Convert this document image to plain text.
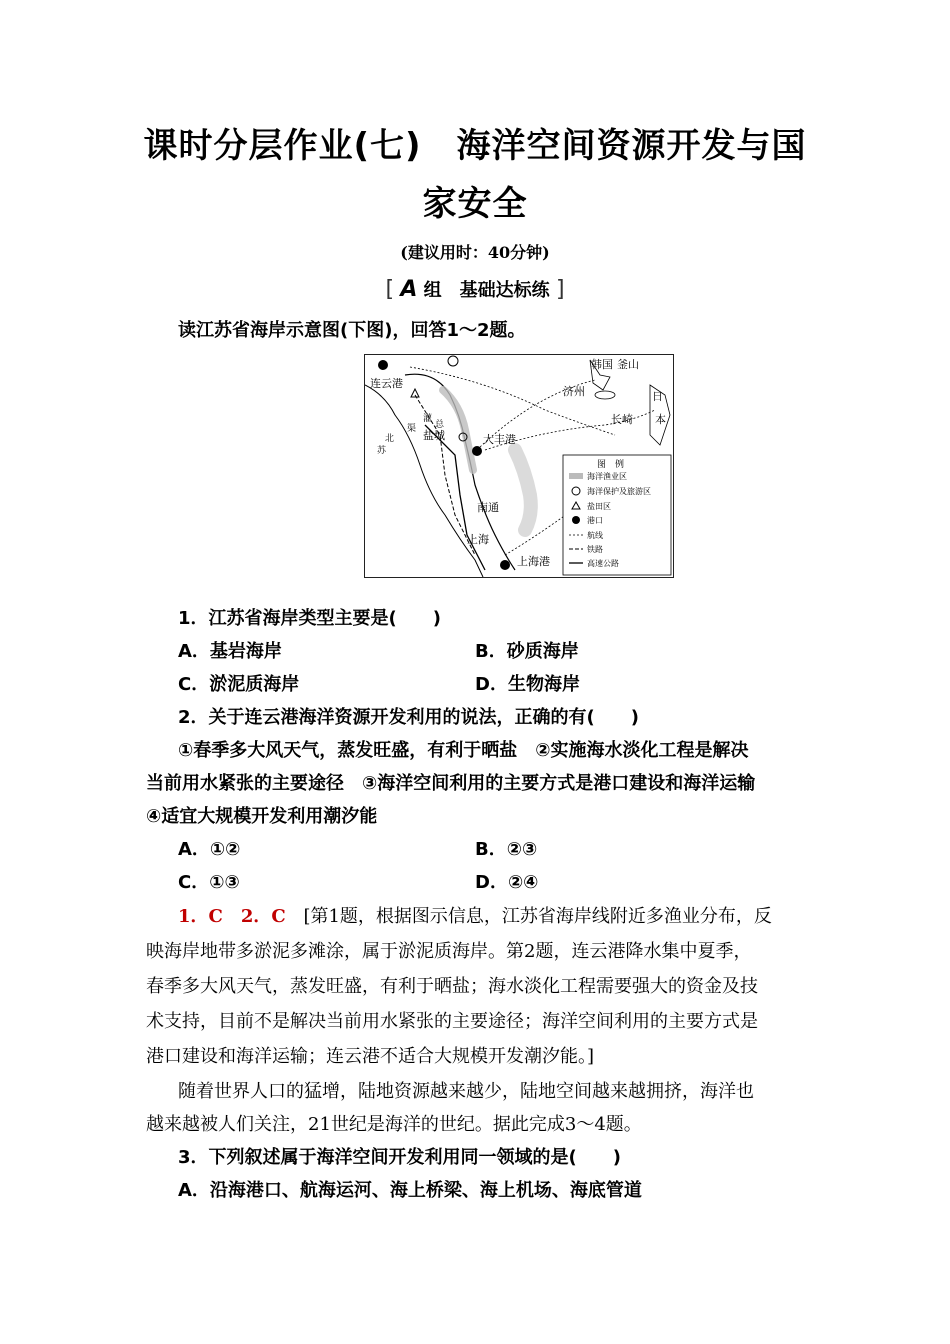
课时分层作业(七)　海洋空间资源开发与国
家安全
(建议用时：40分钟)
[ A 组　基础达标练 ]
读江苏省海岸示意图(下图)，回答1～2题。
连云港
韩国 釜山
济州	日
本
长崎
灌
总
渠 盐城
北
苏
大丰港
南通
上海
上海港
图　例
海洋渔业区
海洋保护及旅游区
盐田区
港口
航线
铁路
高速公路
1．江苏省海岸类型主要是(　　)
A．基岩海岸	B．砂质海岸
C．淤泥质海岸	D．生物海岸
2．关于连云港海洋资源开发利用的说法，正确的有(　　)
①春季多大风天气，蒸发旺盛，有利于晒盐　②实施海水淡化工程是解决
当前用水紧张的主要途径　③海洋空间利用的主要方式是港口建设和海洋运输
④适宜大规模开发利用潮汐能
A．①②	B．②③
C．①③	D．②④
1．C　2．C [第1题，根据图示信息，江苏省海岸线附近多渔业分布，反
映海岸地带多淤泥多滩涂，属于淤泥质海岸。第2题，连云港降水集中夏季，
春季多大风天气，蒸发旺盛，有利于晒盐；海水淡化工程需要强大的资金及技
术支持，目前不是解决当前用水紧张的主要途径；海洋空间利用的主要方式是
港口建设和海洋运输；连云港不适合大规模开发潮汐能。]
随着世界人口的猛增，陆地资源越来越少，陆地空间越来越拥挤，海洋也
越来越被人们关注，21世纪是海洋的世纪。据此完成3～4题。
3．下列叙述属于海洋空间开发利用同一领域的是(　　)
A．沿海港口、航海运河、海上桥梁、海上机场、海底管道
